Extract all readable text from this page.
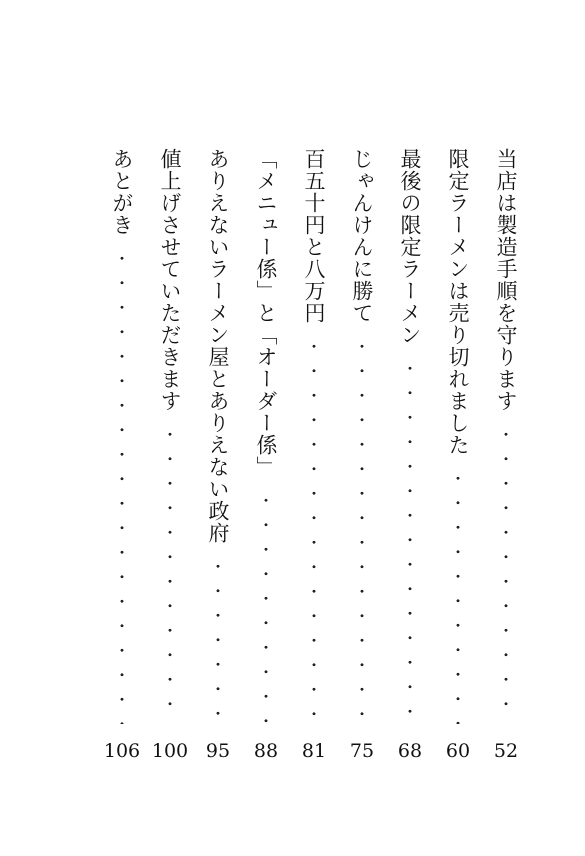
当店は製造手順を守ります
52
限定ラーメンは売り切れました
60
最後の限定ラーメン
68
じゃんけんに勝て
75
百五十円と八万円
81
「メニュー係」と「オーダー係」
88
ありえないラーメン屋とありえない政府
95
値上げさせていただきます
100
あとがき
106
